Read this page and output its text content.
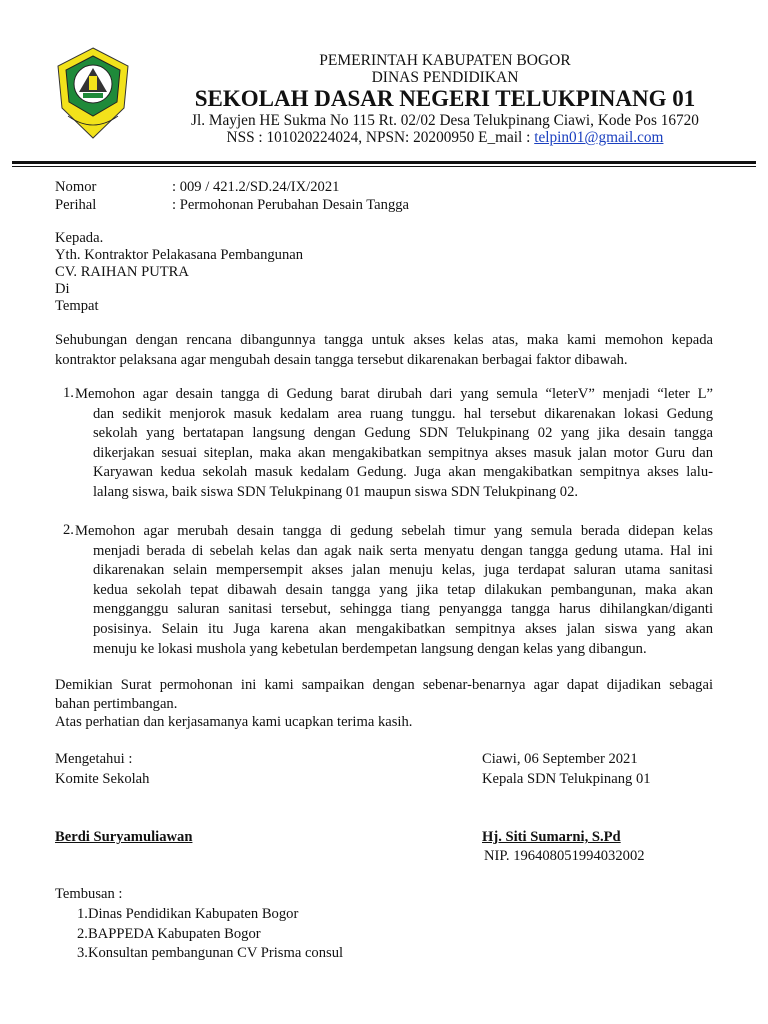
PEMERINTAH KABUPATEN BOGOR
DINAS PENDIDIKAN
SEKOLAH DASAR NEGERI TELUKPINANG 01
Jl. Mayjen HE Sukma No 115 Rt. 02/02 Desa Telukpinang Ciawi, Kode Pos 16720
NSS : 101020224024, NPSN: 20200950 E_mail : telpin01@gmail.com
Nomor	: 009 / 421.2/SD.24/IX/2021
Perihal	: Permohonan Perubahan Desain Tangga
Kepada.
Yth. Kontraktor Pelakasana Pembangunan
CV. RAIHAN PUTRA
Di
Tempat
Sehubungan dengan rencana dibangunnya tangga untuk akses kelas atas, maka kami memohon kepada
kontraktor pelaksana agar mengubah desain tangga tersebut dikarenakan berbagai faktor dibawah.
1. Memohon agar desain tangga di Gedung barat dirubah dari yang semula “leterV” menjadi “leter L”
dan sedikit menjorok masuk kedalam area ruang tunggu. hal tersebut dikarenakan lokasi Gedung
sekolah yang bertatapan langsung dengan Gedung SDN Telukpinang 02 yang jika desain tangga
dikerjakan sesuai siteplan, maka akan mengakibatkan sempitnya akses masuk jalan motor Guru dan
Karyawan kedua sekolah masuk kedalam Gedung. Juga akan mengakibatkan sempitnya akses lalu-
lalang siswa, baik siswa SDN Telukpinang 01 maupun siswa SDN Telukpinang 02.
2. Memohon agar merubah desain tangga di gedung sebelah timur yang semula berada didepan kelas
menjadi berada di sebelah kelas dan agak naik serta menyatu dengan tangga gedung utama. Hal ini
dikarenakan selain mempersempit akses jalan menuju kelas, juga terdapat saluran utama sanitasi
kedua sekolah tepat dibawah desain tangga yang jika tetap dilakukan pembangunan, maka akan
mengganggu saluran sanitasi tersebut, sehingga tiang penyangga tangga harus dihilangkan/diganti
posisinya. Selain itu Juga karena akan mengakibatkan sempitnya akses jalan siswa yang akan
menuju ke lokasi mushola yang kebetulan berdempetan langsung dengan kelas yang dibangun.
Demikian Surat permohonan ini kami sampaikan dengan sebenar-benarnya agar dapat dijadikan sebagai
bahan pertimbangan.
Atas perhatian dan kerjasamanya kami ucapkan terima kasih.
Mengetahui :
Komite Sekolah
Berdi Suryamuliawan
Ciawi, 06 September 2021
Kepala SDN Telukpinang 01
Hj. Siti Sumarni, S.Pd
NIP. 196408051994032002
Tembusan :
1.Dinas Pendidikan Kabupaten Bogor
2.BAPPEDA Kabupaten Bogor
3.Konsultan pembangunan CV Prisma consul
